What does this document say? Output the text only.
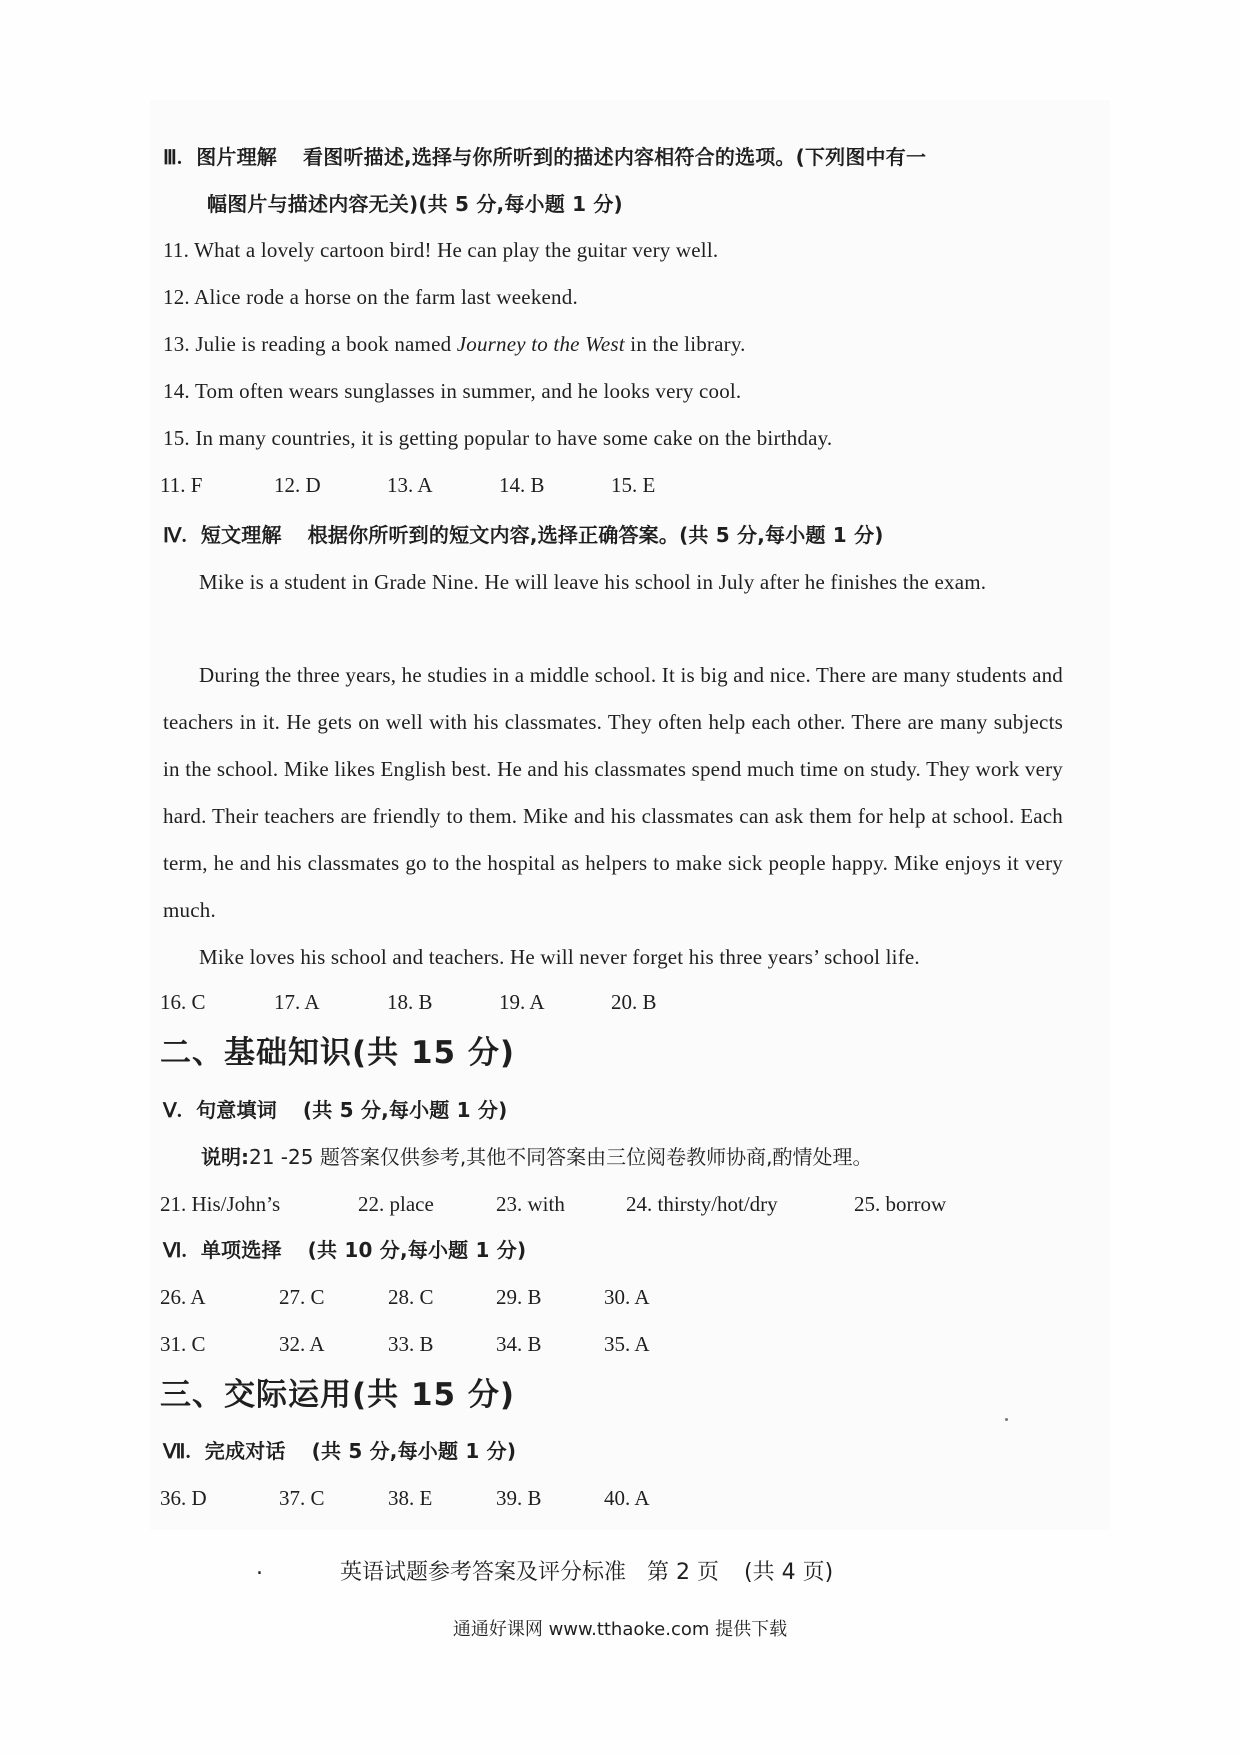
Ⅲ. 图片理解 看图听描述,选择与你所听到的描述内容相符合的选项。(下列图中有一
幅图片与描述内容无关)(共 5 分,每小题 1 分)
11. What a lovely cartoon bird! He can play the guitar very well.
12. Alice rode a horse on the farm last weekend.
13. Julie is reading a book named Journey to the West in the library.
14. Tom often wears sunglasses in summer, and he looks very cool.
15. In many countries, it is getting popular to have some cake on the birthday.
11. F	12. D	13. A	14. B	15. E
Ⅳ. 短文理解 根据你所听到的短文内容,选择正确答案。(共 5 分,每小题 1 分)
Mike is a student in Grade Nine. He will leave his school in July after he finishes the exam.
During the three years, he studies in a middle school. It is big and nice. There are many students and teachers in it. He gets on well with his classmates. They often help each other. There are many subjects in the school. Mike likes English best. He and his classmates spend much time on study. They work very hard. Their teachers are friendly to them. Mike and his classmates can ask them for help at school. Each term, he and his classmates go to the hospital as helpers to make sick people happy. Mike enjoys it very much.
Mike loves his school and teachers. He will never forget his three years’ school life.
16. C	17. A	18. B	19. A	20. B
二、基础知识(共 15 分)
Ⅴ. 句意填词 (共 5 分,每小题 1 分)
说明:21 -25 题答案仅供参考,其他不同答案由三位阅卷教师协商,酌情处理。
21. His/John’s	22. place	23. with	24. thirsty/hot/dry	25. borrow
Ⅵ. 单项选择 (共 10 分,每小题 1 分)
26. A	27. C	28. C	29. B	30. A
31. C	32. A	33. B	34. B	35. A
三、交际运用(共 15 分)
Ⅶ. 完成对话 (共 5 分,每小题 1 分)
36. D	37. C	38. E	39. B	40. A
.	英语试题参考答案及评分标准 第 2 页 (共 4 页)
通通好课网 www.tthaoke.com 提供下载
